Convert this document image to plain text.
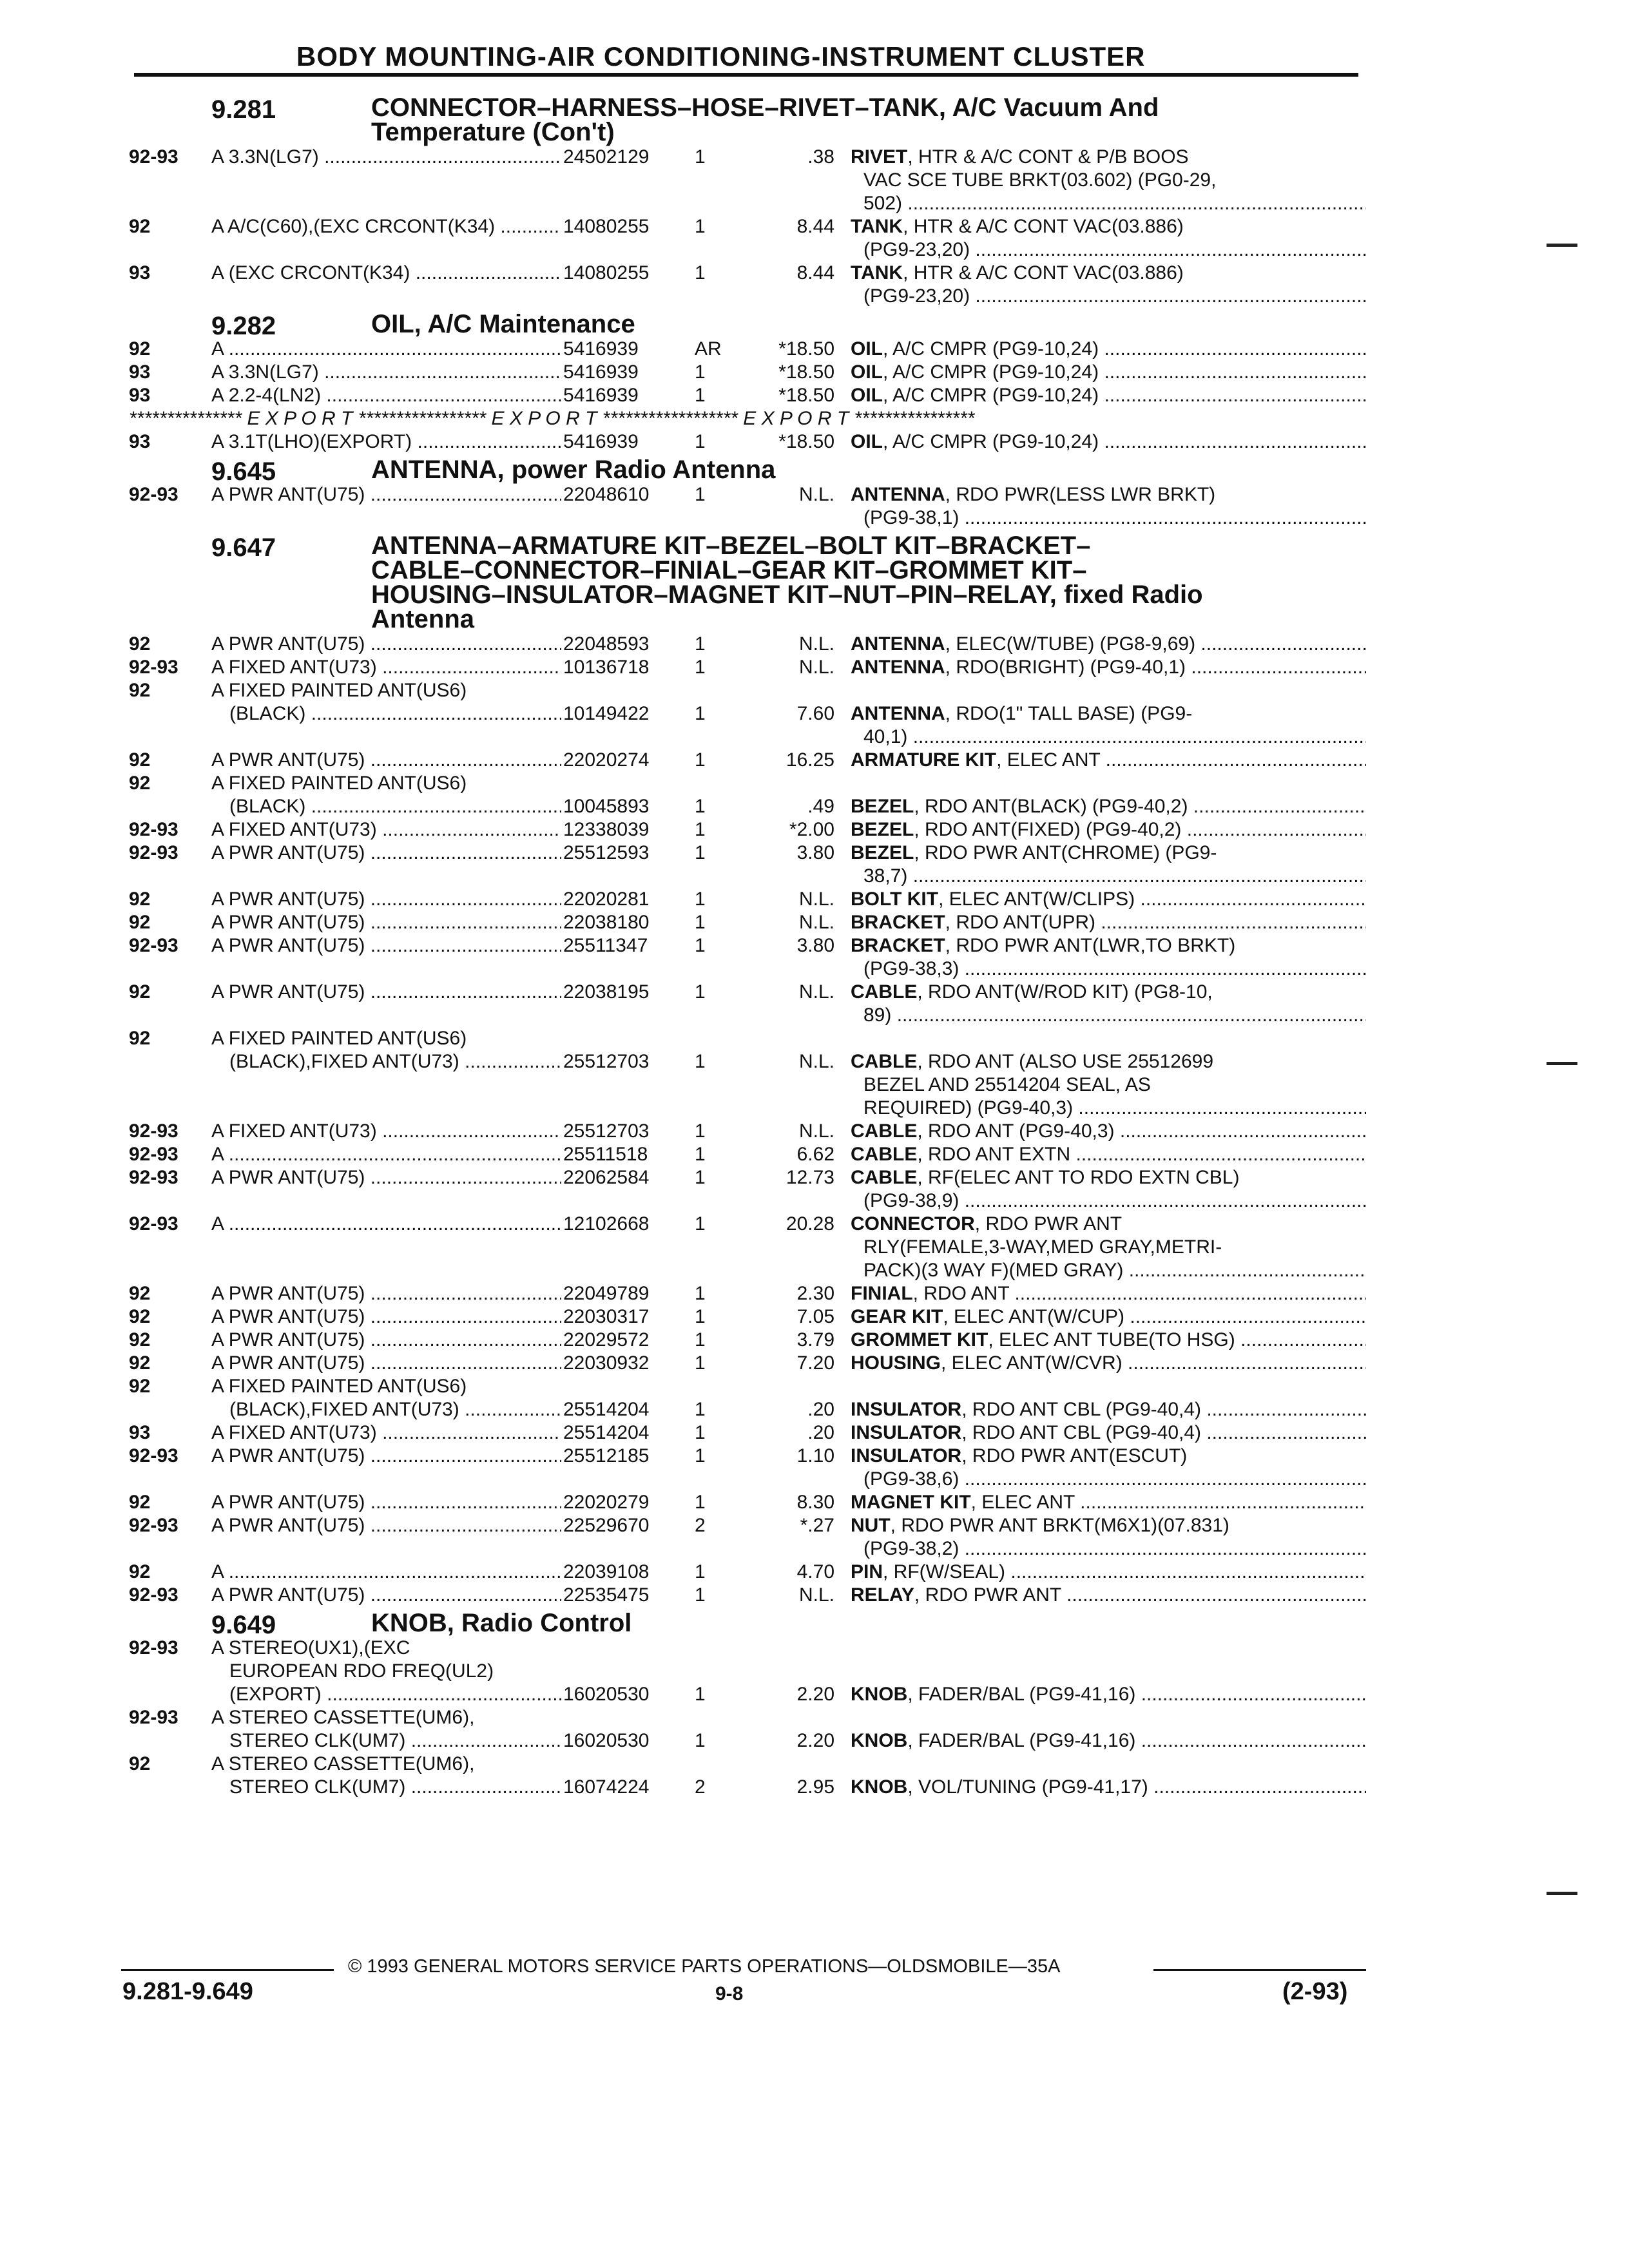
BODY MOUNTING-AIR CONDITIONING-INSTRUMENT CLUSTER
9.281	CONNECTOR–HARNESS–HOSE–RIVET–TANK, A/C Vacuum And
Temperature (Con't)
92-93	A 3.3N(LG7) .....	24502129	1	.38 RIVET, HTR & A/C CONT & P/B BOOS
VAC SCE TUBE BRKT(03.602) (PG0-29,
502) .....
92	A A/C(C60),(EXC CRCONT(K34) .....	14080255	1	8.44 TANK, HTR & A/C CONT VAC(03.886)
(PG9-23,20) .....
93	A (EXC CRCONT(K34) .....	14080255	1	8.44 TANK, HTR & A/C CONT VAC(03.886)
(PG9-23,20) .....
9.282	OIL, A/C Maintenance
92	A .....	5416939	AR	*18.50 OIL, A/C CMPR (PG9-10,24) .....
93	A 3.3N(LG7) .....	5416939	1	*18.50 OIL, A/C CMPR (PG9-10,24) .....
93	A 2.2-4(LN2) .....	5416939	1	*18.50 OIL, A/C CMPR (PG9-10,24) .....
*************** E X P O R T ***************** E X P O R T ****************** E X P O R T ****************
93	A 3.1T(LHO)(EXPORT) .....	5416939	1	*18.50 OIL, A/C CMPR (PG9-10,24) .....
9.645	ANTENNA, power Radio Antenna
92-93	A PWR ANT(U75) .....	22048610	1	N.L. ANTENNA, RDO PWR(LESS LWR BRKT)
(PG9-38,1) .....
9.647	ANTENNA–ARMATURE KIT–BEZEL–BOLT KIT–BRACKET–
CABLE–CONNECTOR–FINIAL–GEAR KIT–GROMMET KIT–
HOUSING–INSULATOR–MAGNET KIT–NUT–PIN–RELAY, fixed Radio
Antenna
92	A PWR ANT(U75) .....	22048593	1	N.L. ANTENNA, ELEC(W/TUBE) (PG8-9,69) .....
92-93	A FIXED ANT(U73) .....	10136718	1	N.L. ANTENNA, RDO(BRIGHT) (PG9-40,1) .....
92	A FIXED PAINTED ANT(US6)
(BLACK) .....	10149422	1	7.60 ANTENNA, RDO(1" TALL BASE) (PG9-
40,1) .....
92	A PWR ANT(U75) .....	22020274	1	16.25 ARMATURE KIT, ELEC ANT .....
92	A FIXED PAINTED ANT(US6)
(BLACK) .....	10045893	1	.49 BEZEL, RDO ANT(BLACK) (PG9-40,2) .....
92-93	A FIXED ANT(U73) .....	12338039	1	*2.00 BEZEL, RDO ANT(FIXED) (PG9-40,2) .....
92-93	A PWR ANT(U75) .....	25512593	1	3.80 BEZEL, RDO PWR ANT(CHROME) (PG9-
38,7) .....
92	A PWR ANT(U75) .....	22020281	1	N.L. BOLT KIT, ELEC ANT(W/CLIPS) .....
92	A PWR ANT(U75) .....	22038180	1	N.L. BRACKET, RDO ANT(UPR) .....
92-93	A PWR ANT(U75) .....	25511347	1	3.80 BRACKET, RDO PWR ANT(LWR,TO BRKT)
(PG9-38,3) .....
92	A PWR ANT(U75) .....	22038195	1	N.L. CABLE, RDO ANT(W/ROD KIT) (PG8-10,
89) .....
92	A FIXED PAINTED ANT(US6)
(BLACK),FIXED ANT(U73) .....	25512703	1	N.L. CABLE, RDO ANT (ALSO USE 25512699
BEZEL AND 25514204 SEAL, AS
REQUIRED) (PG9-40,3) .....
92-93	A FIXED ANT(U73) .....	25512703	1	N.L. CABLE, RDO ANT (PG9-40,3) .....
92-93	A .....	25511518	1	6.62 CABLE, RDO ANT EXTN .....
92-93	A PWR ANT(U75) .....	22062584	1	12.73 CABLE, RF(ELEC ANT TO RDO EXTN CBL)
(PG9-38,9) .....
92-93	A .....	12102668	1	20.28 CONNECTOR, RDO PWR ANT
RLY(FEMALE,3-WAY,MED GRAY,METRI-
PACK)(3 WAY F)(MED GRAY) .....
92	A PWR ANT(U75) .....	22049789	1	2.30 FINIAL, RDO ANT .....
92	A PWR ANT(U75) .....	22030317	1	7.05 GEAR KIT, ELEC ANT(W/CUP) .....
92	A PWR ANT(U75) .....	22029572	1	3.79 GROMMET KIT, ELEC ANT TUBE(TO HSG) .....
92	A PWR ANT(U75) .....	22030932	1	7.20 HOUSING, ELEC ANT(W/CVR) .....
92	A FIXED PAINTED ANT(US6)
(BLACK),FIXED ANT(U73) .....	25514204	1	.20 INSULATOR, RDO ANT CBL (PG9-40,4) .....
93	A FIXED ANT(U73) .....	25514204	1	.20 INSULATOR, RDO ANT CBL (PG9-40,4) .....
92-93	A PWR ANT(U75) .....	25512185	1	1.10 INSULATOR, RDO PWR ANT(ESCUT)
(PG9-38,6) .....
92	A PWR ANT(U75) .....	22020279	1	8.30 MAGNET KIT, ELEC ANT .....
92-93	A PWR ANT(U75) .....	22529670	2	*.27 NUT, RDO PWR ANT BRKT(M6X1)(07.831)
(PG9-38,2) .....
92	A .....	22039108	1	4.70 PIN, RF(W/SEAL) .....
92-93	A PWR ANT(U75) .....	22535475	1	N.L. RELAY, RDO PWR ANT .....
9.649	KNOB, Radio Control
92-93	A STEREO(UX1),(EXC
EUROPEAN RDO FREQ(UL2)
(EXPORT) .....	16020530	1	2.20 KNOB, FADER/BAL (PG9-41,16) .....
92-93	A STEREO CASSETTE(UM6),
STEREO CLK(UM7) .....	16020530	1	2.20 KNOB, FADER/BAL (PG9-41,16) .....
92	A STEREO CASSETTE(UM6),
STEREO CLK(UM7) .....	16074224	2	2.95 KNOB, VOL/TUNING (PG9-41,17) .....
© 1993 GENERAL MOTORS SERVICE PARTS OPERATIONS—OLDSMOBILE—35A
9.281-9.649	9-8	(2-93)
